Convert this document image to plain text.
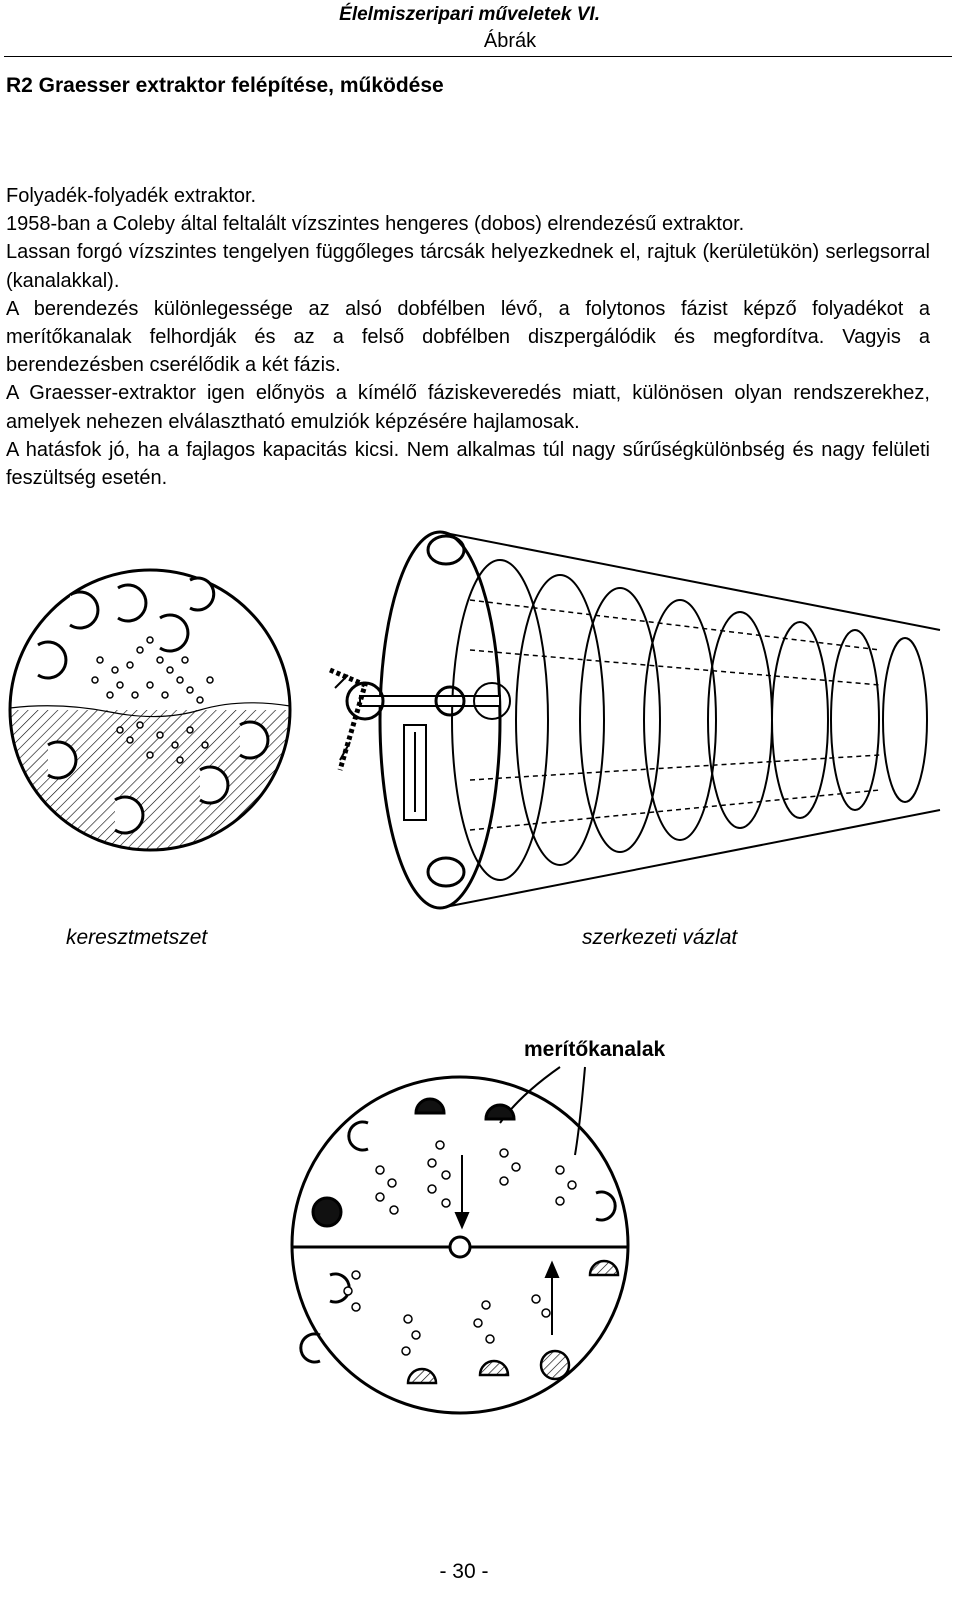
Élelmiszeripari műveletek VI.
Ábrák
R2 Graesser extraktor felépítése, működése

Folyadék-folyadék extraktor.

1958-ban a Coleby által feltalált vízszintes hengeres (dobos) elrendezésű extraktor.

Lassan forgó vízszintes tengelyen függőleges tárcsák helyezkednek el, rajtuk (kerületükön) serlegsorral (kanalakkal).

A berendezés különlegessége az alsó dobfélben lévő, a folytonos fázist képző folyadékot a merítőkanalak felhordják és az a felső dobfélben diszpergálódik és megfordítva. Vagyis a berendezésben cserélődik a két fázis.

A Graesser-extraktor igen előnyös a kímélő fáziskeveredés miatt, különösen olyan rendszerekhez, amelyek nehezen elválasztható emulziók képzésére hajlamosak.

A hatásfok jó, ha a fajlagos kapacitás kicsi. Nem alkalmas túl nagy sűrűségkülönbség és nagy felületi feszültség esetén.

keresztmetszet	szerkezeti vázlat
merítőkanalak
- 30 -
